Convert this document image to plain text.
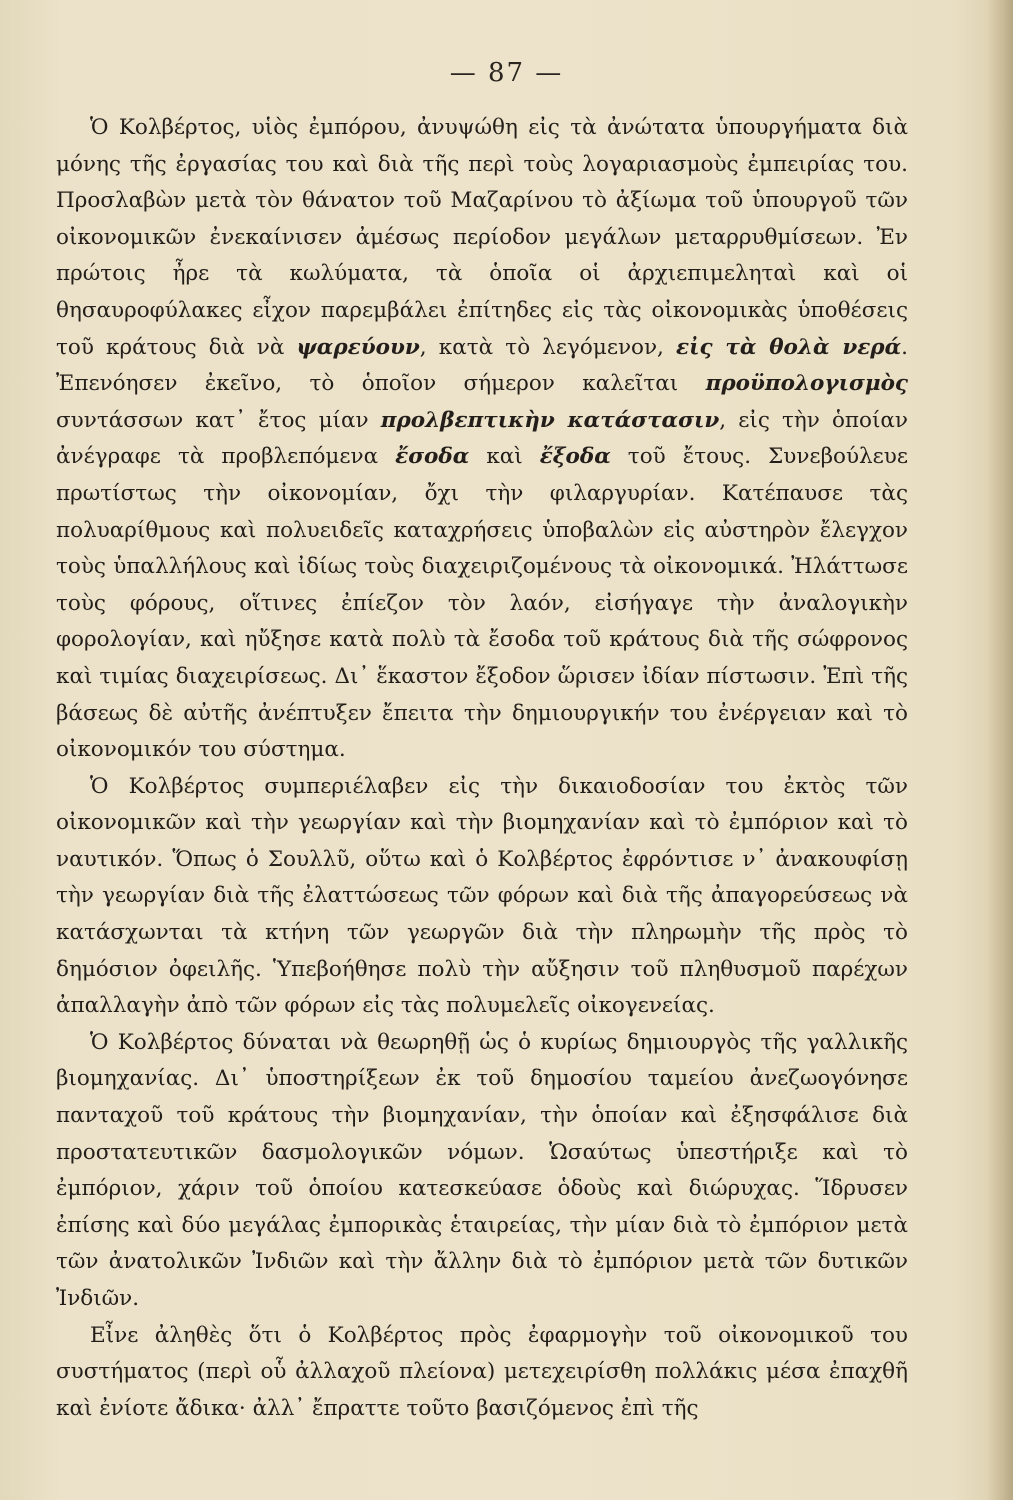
— 87 —

Ὁ Κολβέρτος, υἱὸς ἐμπόρου, ἀνυψώθη εἰς τὰ ἀνώτατα ὑπουργήματα διὰ μόνης τῆς ἐργασίας του καὶ διὰ τῆς περὶ τοὺς λογαριασμοὺς ἐμπειρίας του. Προσλαβὼν μετὰ τὸν θάνατον τοῦ Μαζαρίνου τὸ ἀξίωμα τοῦ ὑπουργοῦ τῶν οἰκονομικῶν ἐνεκαίνισεν ἀμέσως περίοδον μεγάλων μεταρρυθμίσεων. Ἐν πρώτοις ἦρε τὰ κωλύματα, τὰ ὁποῖα οἱ ἀρχιεπιμεληταὶ καὶ οἱ θησαυροφύλακες εἶχον παρεμβάλει ἐπίτηδες εἰς τὰς οἰκονομικὰς ὑποθέσεις τοῦ κράτους διὰ νὰ ψαρεύουν, κατὰ τὸ λεγόμενον, εἰς τὰ θολὰ νερά. Ἐπενόησεν ἐκεῖνο, τὸ ὁποῖον σήμερον καλεῖται προϋπολογισμὸς συντάσσων κατ᾿ ἔτος μίαν προλβεπτικὴν κατάστασιν, εἰς τὴν ὁποίαν ἀνέγραφε τὰ προβλεπόμενα ἔσοδα καὶ ἔξοδα τοῦ ἔτους. Συνεβούλευε πρωτίστως τὴν οἰκονομίαν, ὄχι τὴν φιλαργυρίαν. Κατέπαυσε τὰς πολυαρίθμους καὶ πολυειδεῖς καταχρήσεις ὑποβαλὼν εἰς αὐστηρὸν ἔλεγχον τοὺς ὑπαλλήλους καὶ ἰδίως τοὺς διαχειριζομένους τὰ οἰκονομικά. Ἠλάττωσε τοὺς φόρους, οἵτινες ἐπίεζον τὸν λαόν, εἰσήγαγε τὴν ἀναλογικὴν φορολογίαν, καὶ ηὔξησε κατὰ πολὺ τὰ ἔσοδα τοῦ κράτους διὰ τῆς σώφρονος καὶ τιμίας διαχειρίσεως. Δι᾿ ἕκαστον ἔξοδον ὥρισεν ἰδίαν πίστωσιν. Ἐπὶ τῆς βάσεως δὲ αὐτῆς ἀνέπτυξεν ἔπειτα τὴν δημιουργικήν του ἐνέργειαν καὶ τὸ οἰκονομικόν του σύστημα.

Ὁ Κολβέρτος συμπεριέλαβεν εἰς τὴν δικαιοδοσίαν του ἐκτὸς τῶν οἰκονομικῶν καὶ τὴν γεωργίαν καὶ τὴν βιομηχανίαν καὶ τὸ ἐμπόριον καὶ τὸ ναυτικόν. Ὅπως ὁ Σουλλῦ, οὕτω καὶ ὁ Κολβέρτος ἐφρόντισε ν᾿ ἀνακουφίσῃ τὴν γεωργίαν διὰ τῆς ἐλαττώσεως τῶν φόρων καὶ διὰ τῆς ἀπαγορεύσεως νὰ κατάσχωνται τὰ κτήνη τῶν γεωργῶν διὰ τὴν πληρωμὴν τῆς πρὸς τὸ δημόσιον ὀφειλῆς. Ὑπεβοήθησε πολὺ τὴν αὔξησιν τοῦ πληθυσμοῦ παρέχων ἀπαλλαγὴν ἀπὸ τῶν φόρων εἰς τὰς πολυμελεῖς οἰκογενείας.

Ὁ Κολβέρτος δύναται νὰ θεωρηθῇ ὡς ὁ κυρίως δημιουργὸς τῆς γαλλικῆς βιομηχανίας. Δι᾿ ὑποστηρίξεων ἐκ τοῦ δημοσίου ταμείου ἀνεζωογόνησε πανταχοῦ τοῦ κράτους τὴν βιομηχανίαν, τὴν ὁποίαν καὶ ἐξησφάλισε διὰ προστατευτικῶν δασμολογικῶν νόμων. Ὡσαύτως ὑπεστήριξε καὶ τὸ ἐμπόριον, χάριν τοῦ ὁποίου κατεσκεύασε ὁδοὺς καὶ διώρυχας. Ἵδρυσεν ἐπίσης καὶ δύο μεγάλας ἐμπορικὰς ἑταιρείας, τὴν μίαν διὰ τὸ ἐμπόριον μετὰ τῶν ἀνατολικῶν Ἰνδιῶν καὶ τὴν ἄλλην διὰ τὸ ἐμπόριον μετὰ τῶν δυτικῶν Ἰνδιῶν.

Εἶνε ἀληθὲς ὅτι ὁ Κολβέρτος πρὸς ἐφαρμογὴν τοῦ οἰκονομικοῦ του συστήματος (περὶ οὗ ἀλλαχοῦ πλείονα) μετεχειρίσθη πολλάκις μέσα ἐπαχθῆ καὶ ἐνίοτε ἄδικα· ἀλλ᾿ ἔπραττε τοῦτο βασιζόμενος ἐπὶ τῆς
